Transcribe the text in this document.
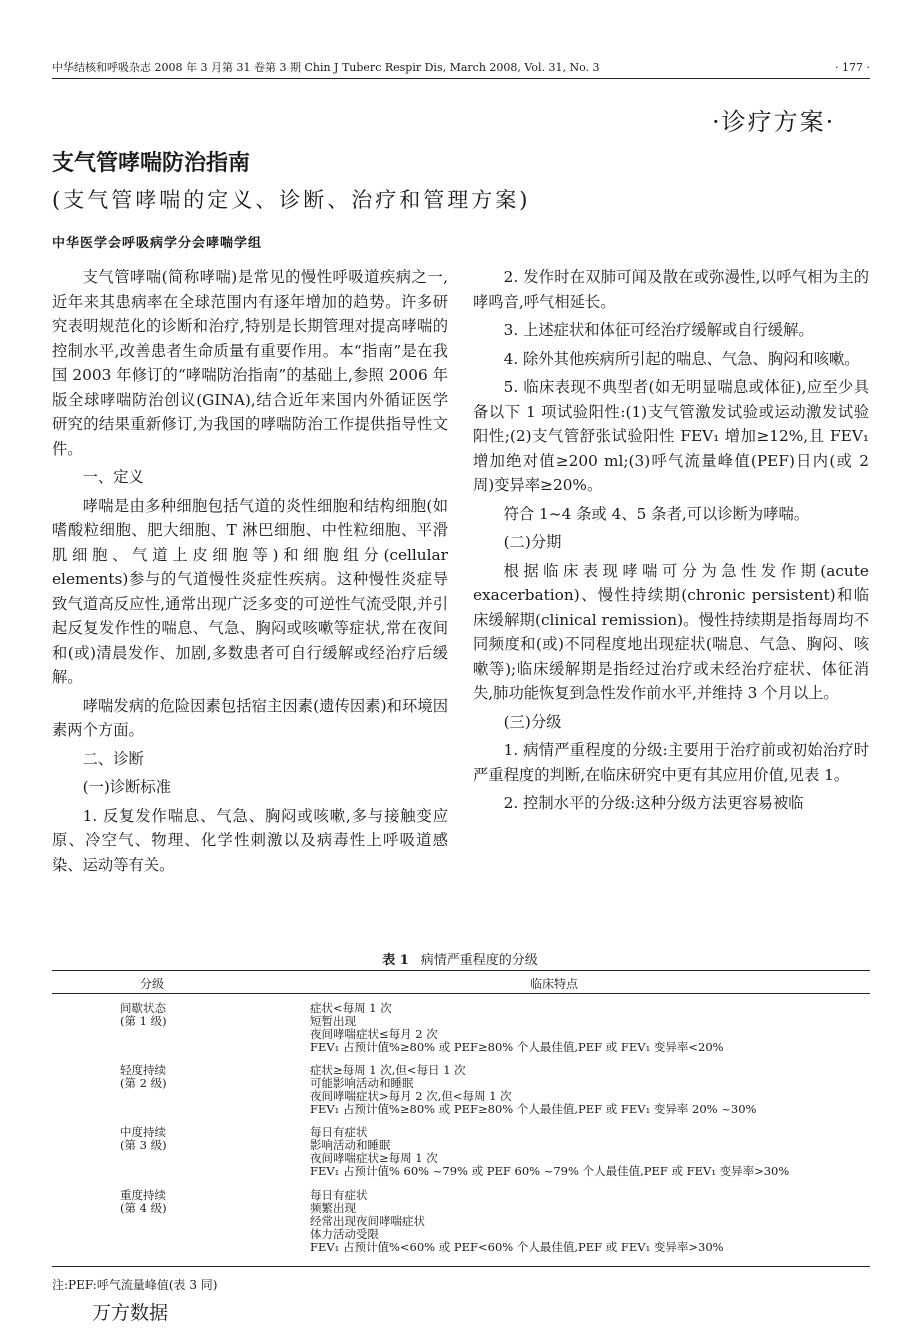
中华结核和呼吸杂志 2008 年 3 月第 31 卷第 3 期 Chin J Tuberc Respir Dis, March 2008, Vol. 31, No. 3	· 177 ·
·诊疗方案·
支气管哮喘防治指南
(支气管哮喘的定义、诊断、治疗和管理方案)
中华医学会呼吸病学分会哮喘学组

支气管哮喘(简称哮喘)是常见的慢性呼吸道疾病之一,近年来其患病率在全球范围内有逐年增加的趋势。许多研究表明规范化的诊断和治疗,特别是长期管理对提高哮喘的控制水平,改善患者生命质量有重要作用。本“指南”是在我国 2003 年修订的“哮喘防治指南”的基础上,参照 2006 年版全球哮喘防治创议(GINA),结合近年来国内外循证医学研究的结果重新修订,为我国的哮喘防治工作提供指导性文件。

一、定义

哮喘是由多种细胞包括气道的炎性细胞和结构细胞(如嗜酸粒细胞、肥大细胞、T 淋巴细胞、中性粒细胞、平滑肌细胞、气道上皮细胞等)和细胞组分(cellular elements)参与的气道慢性炎症性疾病。这种慢性炎症导致气道高反应性,通常出现广泛多变的可逆性气流受限,并引起反复发作性的喘息、气急、胸闷或咳嗽等症状,常在夜间和(或)清晨发作、加剧,多数患者可自行缓解或经治疗后缓解。

哮喘发病的危险因素包括宿主因素(遗传因素)和环境因素两个方面。

二、诊断

(一)诊断标准

1. 反复发作喘息、气急、胸闷或咳嗽,多与接触变应原、冷空气、物理、化学性刺激以及病毒性上呼吸道感染、运动等有关。

2. 发作时在双肺可闻及散在或弥漫性,以呼气相为主的哮鸣音,呼气相延长。

3. 上述症状和体征可经治疗缓解或自行缓解。

4. 除外其他疾病所引起的喘息、气急、胸闷和咳嗽。

5. 临床表现不典型者(如无明显喘息或体征),应至少具备以下 1 项试验阳性:(1)支气管激发试验或运动激发试验阳性;(2)支气管舒张试验阳性 FEV₁ 增加≥12%,且 FEV₁ 增加绝对值≥200 ml;(3)呼气流量峰值(PEF)日内(或 2 周)变异率≥20%。

符合 1~4 条或 4、5 条者,可以诊断为哮喘。

(二)分期

根据临床表现哮喘可分为急性发作期(acute exacerbation)、慢性持续期(chronic persistent)和临床缓解期(clinical remission)。慢性持续期是指每周均不同频度和(或)不同程度地出现症状(喘息、气急、胸闷、咳嗽等);临床缓解期是指经过治疗或未经治疗症状、体征消失,肺功能恢复到急性发作前水平,并维持 3 个月以上。

(三)分级

1. 病情严重程度的分级:主要用于治疗前或初始治疗时严重程度的判断,在临床研究中更有其应用价值,见表 1。

2. 控制水平的分级:这种分级方法更容易被临

表 1 病情严重程度的分级
分级	临床特点
间歇状态
(第 1 级)
症状<每周 1 次
短暂出现
夜间哮喘症状≤每月 2 次
FEV₁ 占预计值%≥80% 或 PEF≥80% 个人最佳值,PEF 或 FEV₁ 变异率<20%
轻度持续
(第 2 级)
症状≥每周 1 次,但<每日 1 次
可能影响活动和睡眠
夜间哮喘症状>每月 2 次,但<每周 1 次
FEV₁ 占预计值%≥80% 或 PEF≥80% 个人最佳值,PEF 或 FEV₁ 变异率 20% ~30%
中度持续
(第 3 级)
每日有症状
影响活动和睡眠
夜间哮喘症状≥每周 1 次
FEV₁ 占预计值% 60% ~79% 或 PEF 60% ~79% 个人最佳值,PEF 或 FEV₁ 变异率>30%
重度持续
(第 4 级)
每日有症状
频繁出现
经常出现夜间哮喘症状
体力活动受限
FEV₁ 占预计值%<60% 或 PEF<60% 个人最佳值,PEF 或 FEV₁ 变异率>30%
注:PEF:呼气流量峰值(表 3 同)
万方数据
